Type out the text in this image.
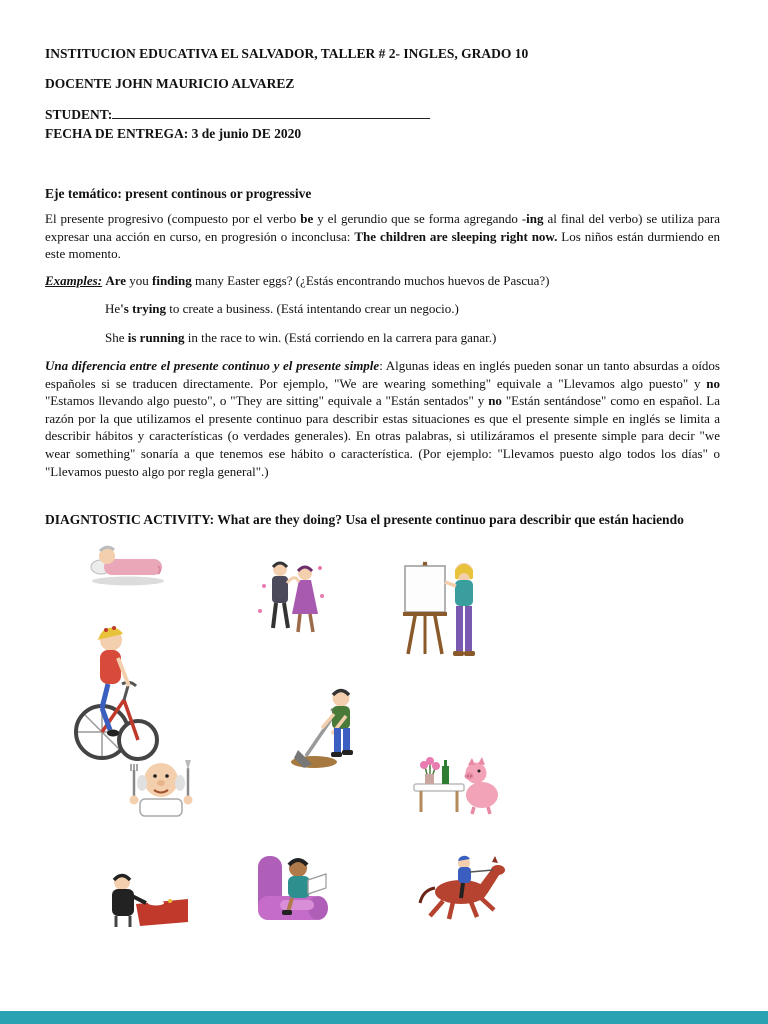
INSTITUCION EDUCATIVA EL SALVADOR, TALLER # 2- INGLES, GRADO 10

DOCENTE JOHN MAURICIO ALVAREZ

STUDENT:

FECHA DE ENTREGA: 3 de junio DE 2020

Eje temático: present continous or progressive

El presente progresivo (compuesto por el verbo be y el gerundio que se forma agregando -ing al final del verbo) se utiliza para expresar una acción en curso, en progresión o inconclusa: The children are sleeping right now. Los niños están durmiendo en este momento.

Examples: Are you finding many Easter eggs? (¿Estás encontrando muchos huevos de Pascua?)

He's trying to create a business. (Está intentando crear un negocio.)

She is running in the race to win. (Está corriendo en la carrera para ganar.)

Una diferencia entre el presente continuo y el presente simple: Algunas ideas en inglés pueden sonar un tanto absurdas a oídos españoles si se traducen directamente. Por ejemplo, "We are wearing something" equivale a "Llevamos algo puesto" y no "Estamos llevando algo puesto", o "They are sitting" equivale a "Están sentados" y no "Están sentándose" como en español. La razón por la que utilizamos el presente continuo para describir estas situaciones es que el presente simple en inglés se limita a describir hábitos y características (o verdades generales). En otras palabras, si utilizáramos el presente simple para decir "we wear something" sonaría a que tenemos ese hábito o característica. (Por ejemplo: "Llevamos puesto algo todos los días" o "Llevamos puesto algo por regla general".)

DIAGNTOSTIC ACTIVITY: What are they doing? Usa el presente continuo para describir que están haciendo
